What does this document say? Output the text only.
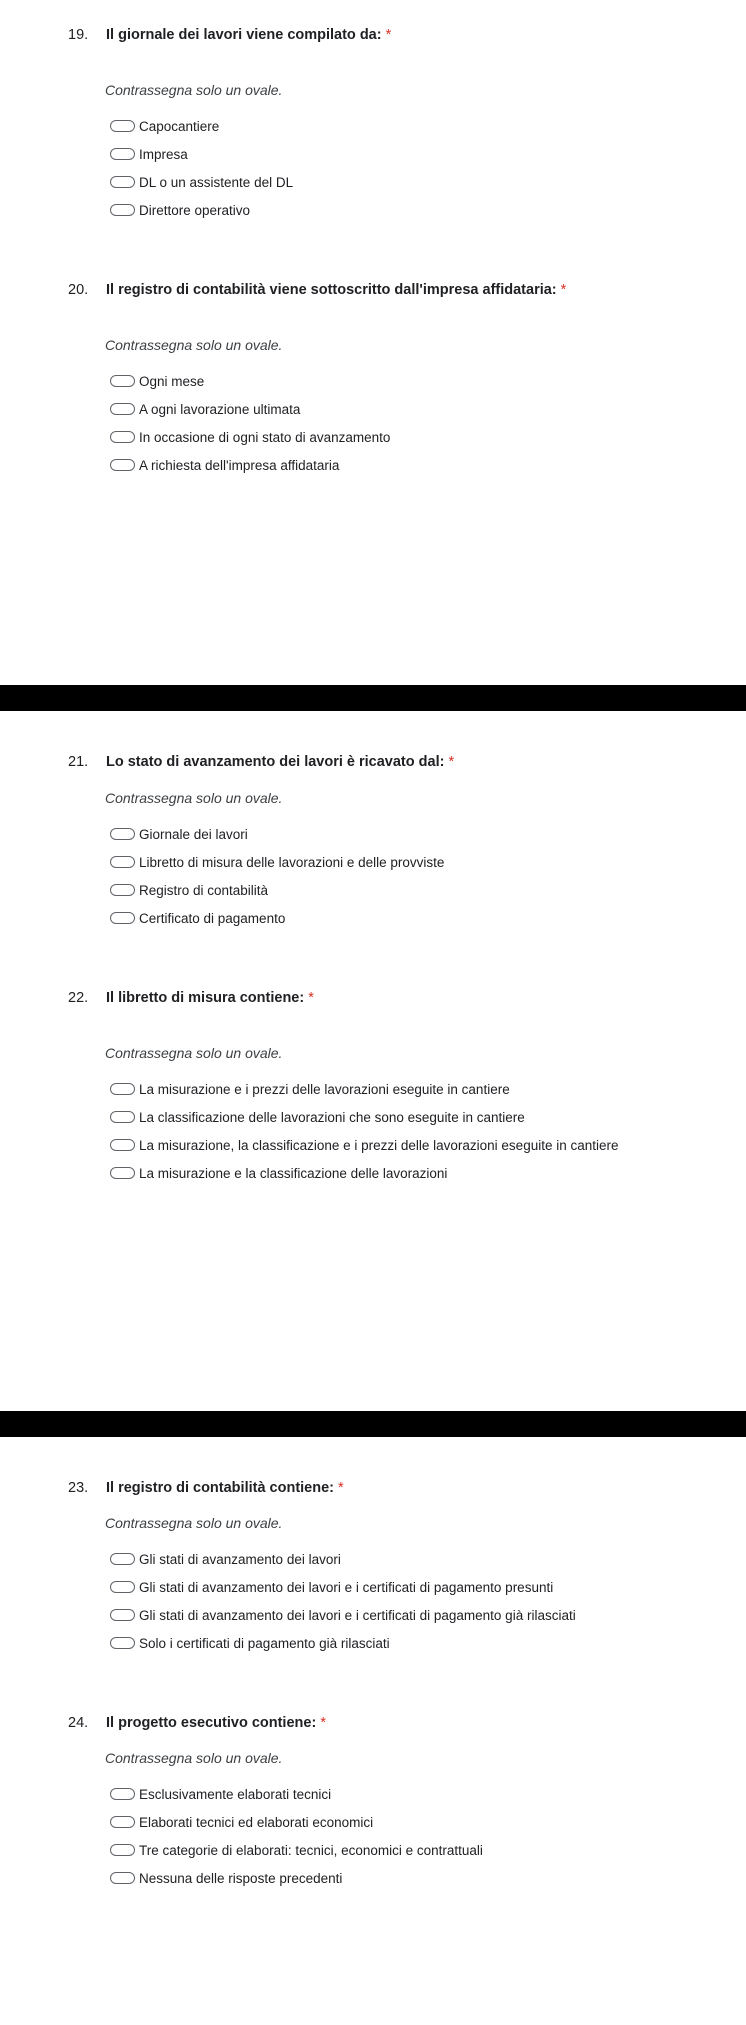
19. Il giornale dei lavori viene compilato da: *
Contrassegna solo un ovale.
Capocantiere
Impresa
DL o un assistente del DL
Direttore operativo
20. Il registro di contabilità viene sottoscritto dall'impresa affidataria: *
Contrassegna solo un ovale.
Ogni mese
A ogni lavorazione ultimata
In occasione di ogni stato di avanzamento
A richiesta dell'impresa affidataria
21. Lo stato di avanzamento dei lavori è ricavato dal: *
Contrassegna solo un ovale.
Giornale dei lavori
Libretto di misura delle lavorazioni e delle provviste
Registro di contabilità
Certificato di pagamento
22. Il libretto di misura contiene: *
Contrassegna solo un ovale.
La misurazione e i prezzi delle lavorazioni eseguite in cantiere
La classificazione delle lavorazioni che sono eseguite in cantiere
La misurazione, la classificazione e i prezzi delle lavorazioni eseguite in cantiere
La misurazione e la classificazione delle lavorazioni
23. Il registro di contabilità contiene: *
Contrassegna solo un ovale.
Gli stati di avanzamento dei lavori
Gli stati di avanzamento dei lavori e i certificati di pagamento presunti
Gli stati di avanzamento dei lavori e i certificati di pagamento già rilasciati
Solo i certificati di pagamento già rilasciati
24. Il progetto esecutivo contiene: *
Contrassegna solo un ovale.
Esclusivamente elaborati tecnici
Elaborati tecnici ed elaborati economici
Tre categorie di elaborati: tecnici, economici e contrattuali
Nessuna delle risposte precedenti
